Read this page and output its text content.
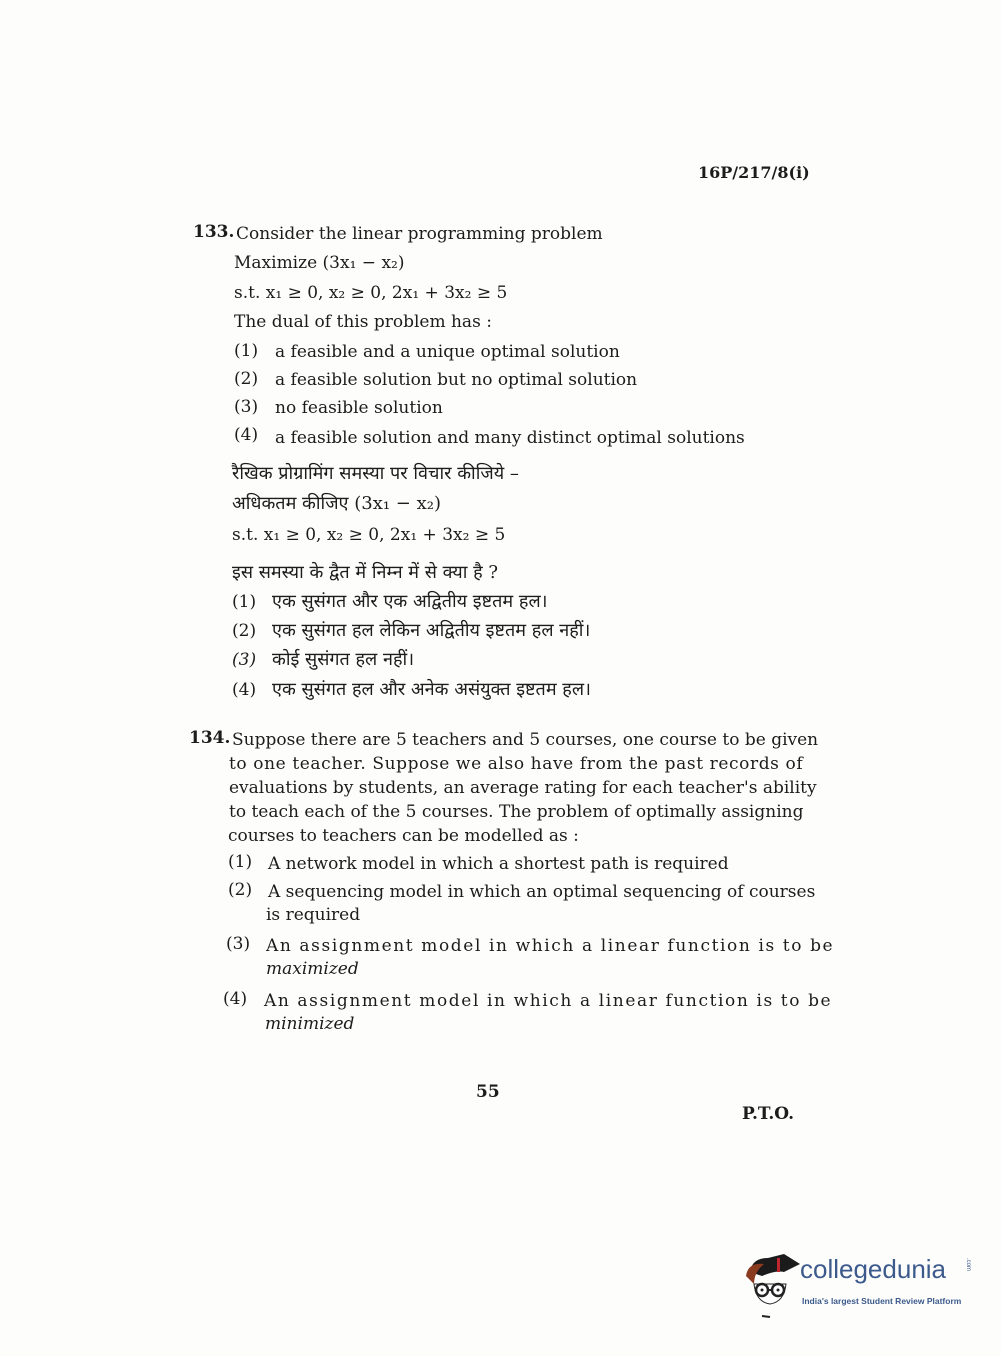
16P/217/8(i)
133. Consider the linear programming problem
Maximize (3x₁ − x₂)
s.t. x₁ ≥ 0, x₂ ≥ 0, 2x₁ + 3x₂ ≥ 5
The dual of this problem has :
(1) a feasible and a unique optimal solution
(2) a feasible solution but no optimal solution
(3) no feasible solution
(4) a feasible solution and many distinct optimal solutions
रैखिक प्रोग्रामिंग समस्या पर विचार कीजिये –
अधिकतम कीजिए (3x₁ − x₂)
s.t. x₁ ≥ 0, x₂ ≥ 0, 2x₁ + 3x₂ ≥ 5
इस समस्या के द्वैत में निम्न में से क्या है ?
(1) एक सुसंगत और एक अद्वितीय इष्टतम हल।
(2) एक सुसंगत हल लेकिन अद्वितीय इष्टतम हल नहीं।
(3) कोई सुसंगत हल नहीं।
(4) एक सुसंगत हल और अनेक असंयुक्त इष्टतम हल।
134. Suppose there are 5 teachers and 5 courses, one course to be given
to one teacher. Suppose we also have from the past records of
evaluations by students, an average rating for each teacher's ability
to teach each of the 5 courses. The problem of optimally assigning
courses to teachers can be modelled as :
(1) A network model in which a shortest path is required
(2) A sequencing model in which an optimal sequencing of courses
is required
(3) An assignment model in which a linear function is to be
maximized
(4) An assignment model in which a linear function is to be
minimized
55
P.T.O.
collegedunia	.com
India's largest Student Review Platform
